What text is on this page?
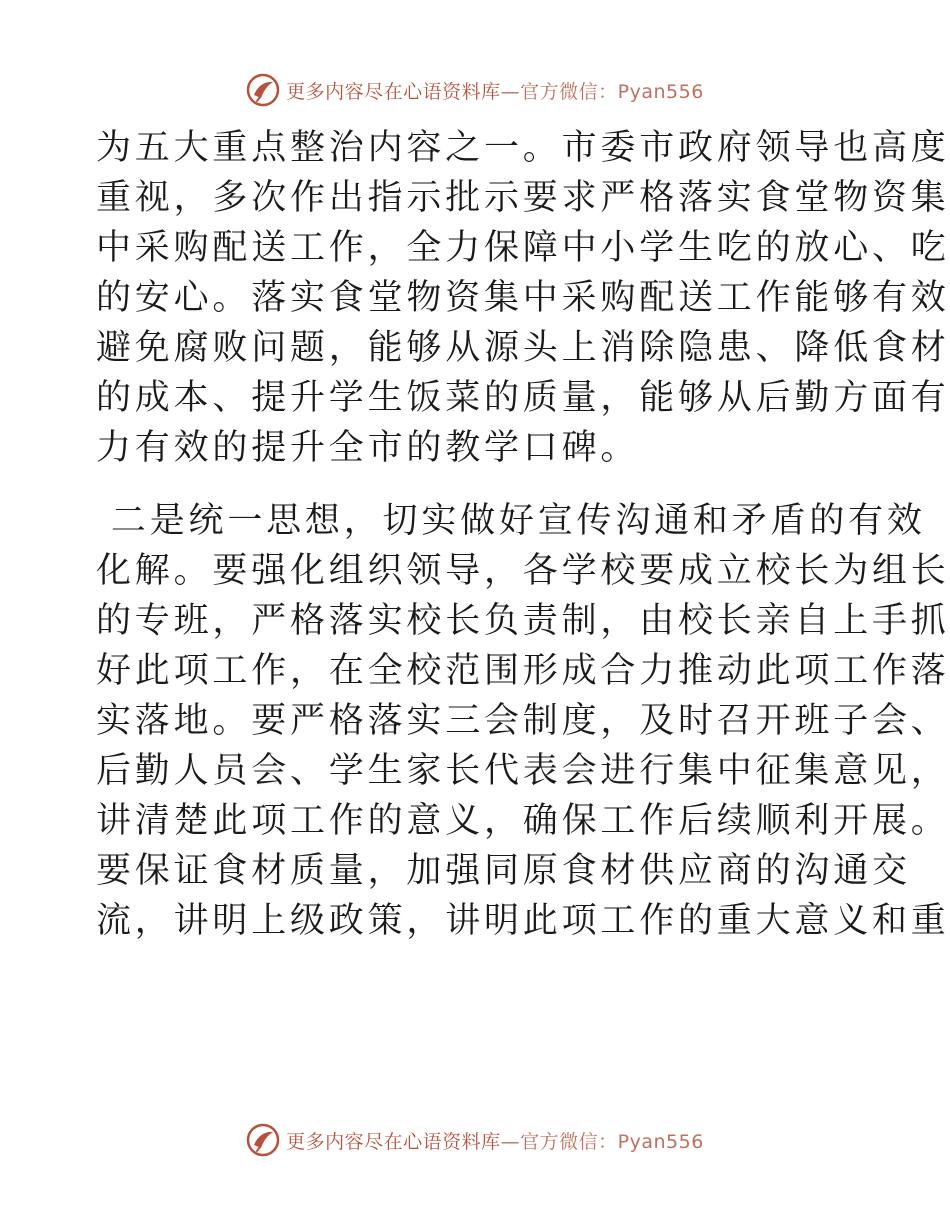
更多内容尽在心语资料库—官方微信：Pyan556
为五大重点整治内容之一。市委市政府领导也高度
重视，多次作出指示批示要求严格落实食堂物资集
中采购配送工作，全力保障中小学生吃的放心、吃
的安心。落实食堂物资集中采购配送工作能够有效
避免腐败问题，能够从源头上消除隐患、降低食材
的成本、提升学生饭菜的质量，能够从后勤方面有
力有效的提升全市的教学口碑。
二是统一思想，切实做好宣传沟通和矛盾的有效
化解。要强化组织领导，各学校要成立校长为组长
的专班，严格落实校长负责制，由校长亲自上手抓
好此项工作，在全校范围形成合力推动此项工作落
实落地。要严格落实三会制度，及时召开班子会、
后勤人员会、学生家长代表会进行集中征集意见，
讲清楚此项工作的意义，确保工作后续顺利开展。
要保证食材质量，加强同原食材供应商的沟通交
流，讲明上级政策，讲明此项工作的重大意义和重
更多内容尽在心语资料库—官方微信：Pyan556
